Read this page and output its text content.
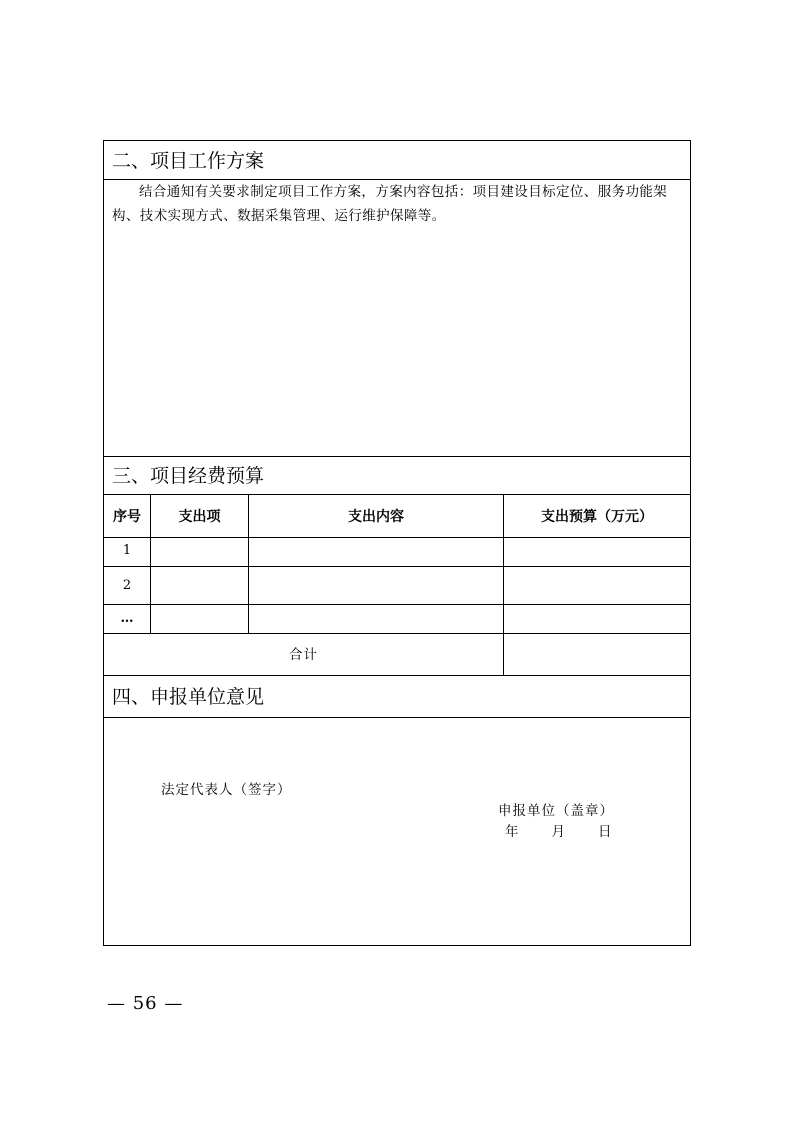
二、项目工作方案
结合通知有关要求制定项目工作方案，方案内容包括：项目建设目标定位、服务功能架构、技术实现方式、数据采集管理、运行维护保障等。
三、项目经费预算
序号	支出项	支出内容	支出预算（万元）
1
2
…
合计
四、申报单位意见
法定代表人（签字）
申报单位（盖章）
年　　月　　日
— 56 —
